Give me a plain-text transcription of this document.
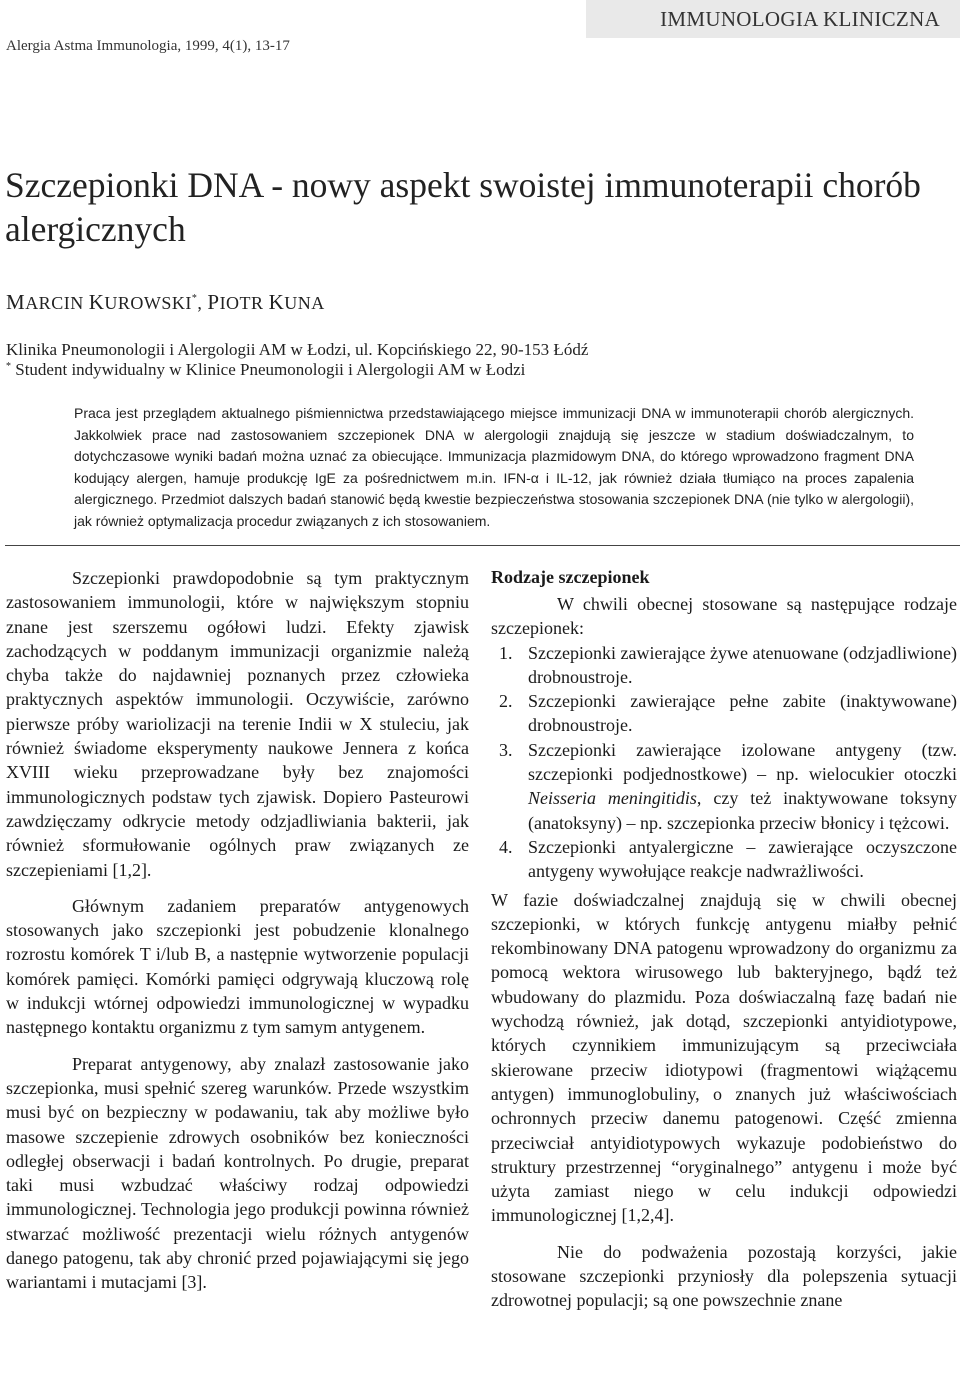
Alergia Astma Immunologia, 1999, 4(1), 13-17
IMMUNOLOGIA KLINICZNA
Szczepionki DNA - nowy aspekt swoistej immunoterapii chorób alergicznych
MARCIN KUROWSKI*, PIOTR KUNA
Klinika Pneumonologii i Alergologii AM w Łodzi, ul. Kopcińskiego 22, 90-153 Łódź
* Student indywidualny w Klinice Pneumonologii i Alergologii AM w Łodzi

Praca jest przeglądem aktualnego piśmiennictwa przedstawiającego miejsce immunizacji DNA w immunoterapii chorób alergicznych. Jakkolwiek prace nad zastosowaniem szczepionek DNA w alergologii znajdują się jeszcze w stadium doświadczalnym, to dotychczasowe wyniki badań można uznać za obiecujące. Immunizacja plazmidowym DNA, do którego wprowadzono fragment DNA kodujący alergen, hamuje produkcję IgE za pośrednictwem m.in. IFN-α i IL-12, jak również działa tłumiąco na proces zapalenia alergicznego. Przedmiot dalszych badań stanowić będą kwestie bezpieczeństwa stosowania szczepionek DNA (nie tylko w alergologii), jak również optymalizacja procedur związanych z ich stosowaniem.

Szczepionki prawdopodobnie są tym praktycznym zastosowaniem immunologii, które w największym stopniu znane jest szerszemu ogółowi ludzi. Efekty zjawisk zachodzących w poddanym immunizacji organizmie należą chyba także do najdawniej poznanych przez człowieka praktycznych aspektów immunologii. Oczywiście, zarówno pierwsze próby wariolizacji na terenie Indii w X stuleciu, jak również świadome eksperymenty naukowe Jennera z końca XVIII wieku przeprowadzane były bez znajomości immunologicznych podstaw tych zjawisk. Dopiero Pasteurowi zawdzięczamy odkrycie metody odzjadliwiania bakterii, jak również sformułowanie ogólnych praw związanych ze szczepieniami [1,2].

Głównym zadaniem preparatów antygenowych stosowanych jako szczepionki jest pobudzenie klonalnego rozrostu komórek T i/lub B, a następnie wytworzenie populacji komórek pamięci. Komórki pamięci odgrywają kluczową rolę w indukcji wtórnej odpowiedzi immunologicznej w wypadku następnego kontaktu organizmu z tym samym antygenem.

Preparat antygenowy, aby znalazł zastosowanie jako szczepionka, musi spełnić szereg warunków. Przede wszystkim musi być on bezpieczny w podawaniu, tak aby możliwe było masowe szczepienie zdrowych osobników bez konieczności odległej obserwacji i badań kontrolnych. Po drugie, preparat taki musi wzbudzać właściwy rodzaj odpowiedzi immunologicznej. Technologia jego produkcji powinna również stwarzać możliwość prezentacji wielu różnych antygenów danego patogenu, tak aby chronić przed pojawiającymi się jego wariantami i mutacjami [3].

Rodzaje szczepionek

W chwili obecnej stosowane są następujące rodzaje szczepionek:

1. Szczepionki zawierające żywe atenuowane (odzjadliwione) drobnoustroje.
2. Szczepionki zawierające pełne zabite (inaktywowane) drobnoustroje.
3. Szczepionki zawierające izolowane antygeny (tzw. szczepionki podjednostkowe) – np. wielocukier otoczki Neisseria meningitidis, czy też inaktywowane toksyny (anatoksyny) – np. szczepionka przeciw błonicy i tężcowi.
4. Szczepionki antyalergiczne – zawierające oczyszczone antygeny wywołujące reakcje nadwrażliwości.

W fazie doświadczalnej znajdują się w chwili obecnej szczepionki, w których funkcję antygenu miałby pełnić rekombinowany DNA patogenu wprowadzony do organizmu za pomocą wektora wirusowego lub bakteryjnego, bądź też wbudowany do plazmidu. Poza doświaczalną fazę badań nie wychodzą również, jak dotąd, szczepionki antyidiotypowe, których czynnikiem immunizującym są przeciwciała skierowane przeciw idiotypowi (fragmentowi wiążącemu antygen) immunoglobuliny, o znanych już właściwościach ochronnych przeciw danemu patogenowi. Część zmienna przeciwciał antyidiotypowych wykazuje podobieństwo do struktury przestrzennej “oryginalnego” antygenu i może być użyta zamiast niego w celu indukcji odpowiedzi immunologicznej [1,2,4].

Nie do podważenia pozostają korzyści, jakie stosowane szczepionki przyniosły dla polepszenia sytuacji zdrowotnej populacji; są one powszechnie znane
